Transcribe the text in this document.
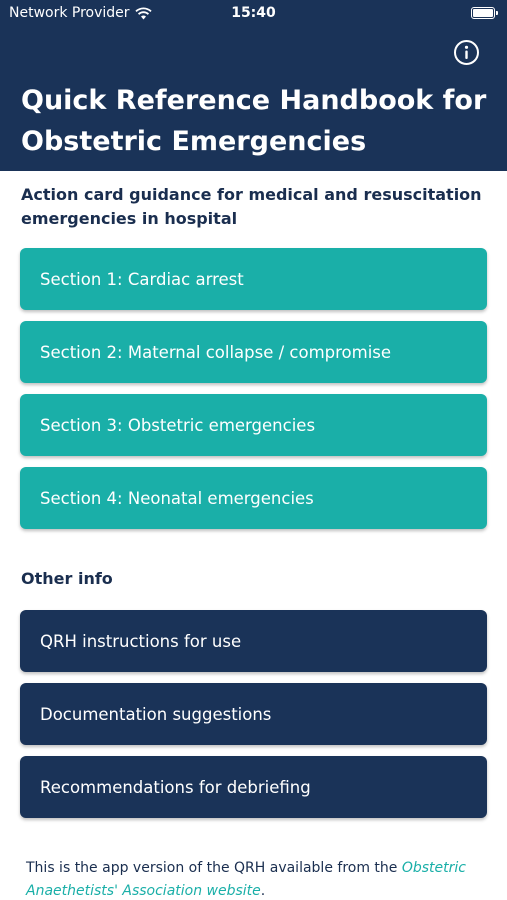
Network Provider	15:40
Quick Reference Handbook for Obstetric Emergencies
Action card guidance for medical and resuscitation emergencies in hospital
Section 1: Cardiac arrest
Section 2: Maternal collapse / compromise
Section 3: Obstetric emergencies
Section 4: Neonatal emergencies
Other info
QRH instructions for use
Documentation suggestions
Recommendations for debriefing
This is the app version of the QRH available from the Obstetric Anaethetists' Association website.
